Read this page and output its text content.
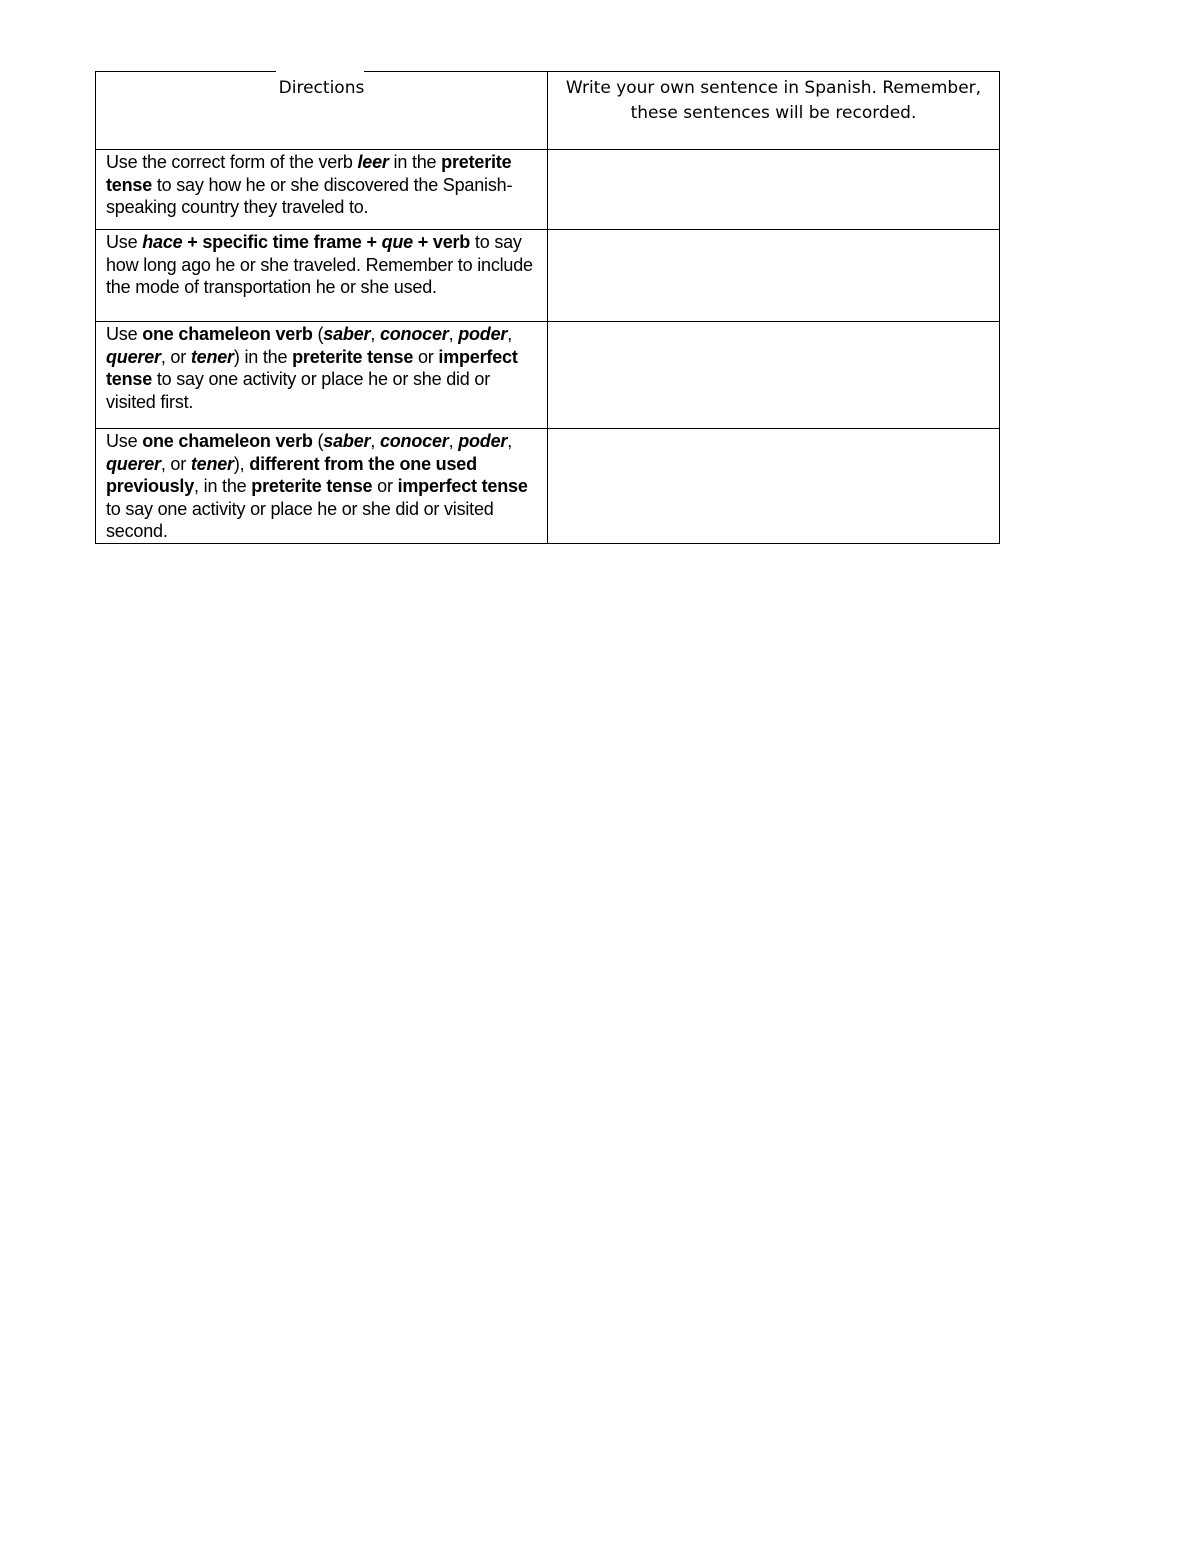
Directions	Write your own sentence in Spanish. Remember, these sentences will be recorded.
Use the correct form of the verb leer in the preterite tense to say how he or she discovered the Spanish-speaking country they traveled to.	
Use hace + specific time frame + que + verb to say how long ago he or she traveled. Remember to include the mode of transportation he or she used.	
Use one chameleon verb (saber, conocer, poder, querer, or tener) in the preterite tense or imperfect tense to say one activity or place he or she did or visited first.	
Use one chameleon verb (saber, conocer, poder, querer, or tener), different from the one used previously, in the preterite tense or imperfect tense to say one activity or place he or she did or visited second.	
